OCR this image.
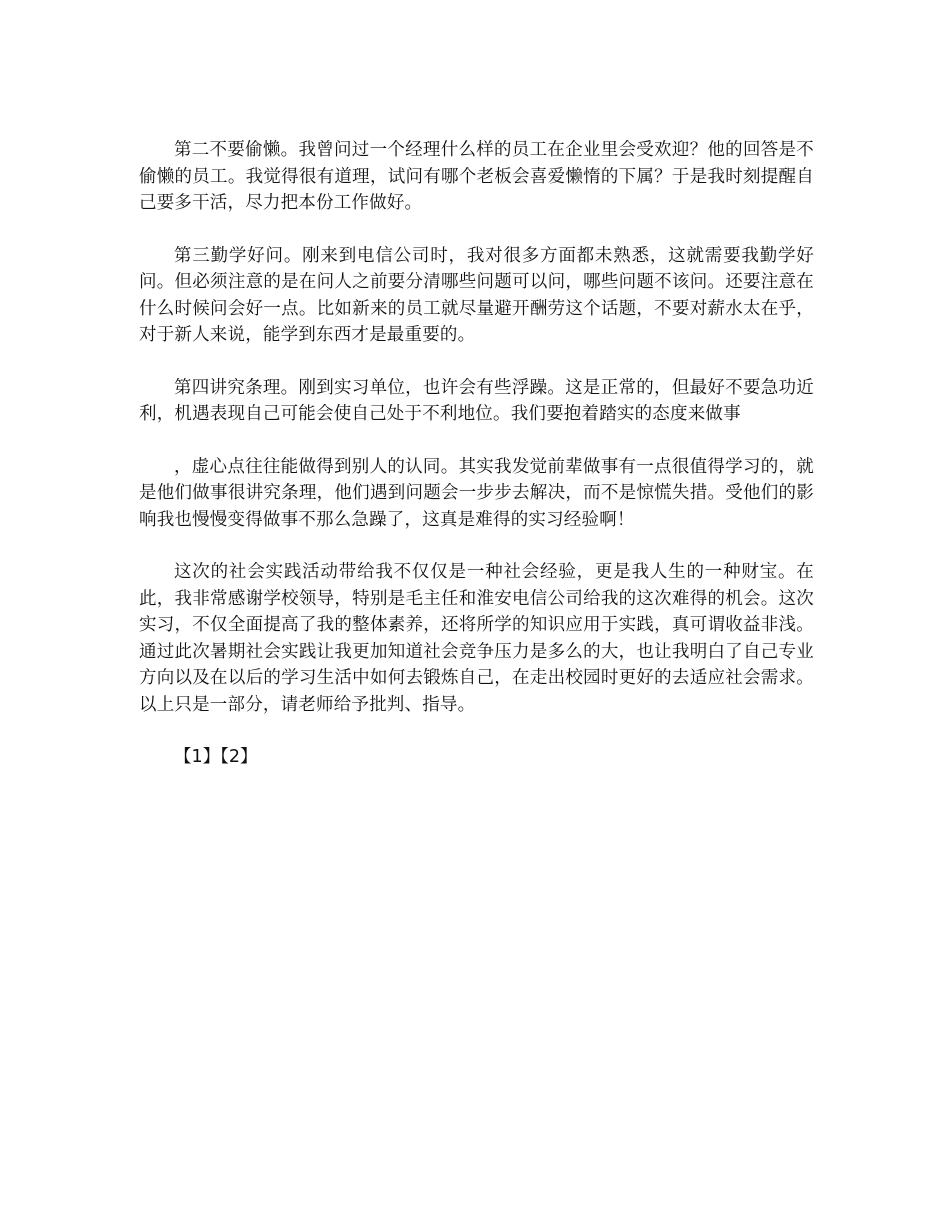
第二不要偷懒。我曾问过一个经理什么样的员工在企业里会受欢迎？他的回答是不偷懒的员工。我觉得很有道理，试问有哪个老板会喜爱懒惰的下属？于是我时刻提醒自己要多干活，尽力把本份工作做好。

第三勤学好问。刚来到电信公司时，我对很多方面都未熟悉，这就需要我勤学好问。但必须注意的是在问人之前要分清哪些问题可以问，哪些问题不该问。还要注意在什么时候问会好一点。比如新来的员工就尽量避开酬劳这个话题，不要对薪水太在乎，对于新人来说，能学到东西才是最重要的。

第四讲究条理。刚到实习单位，也许会有些浮躁。这是正常的，但最好不要急功近利，机遇表现自己可能会使自己处于不利地位。我们要抱着踏实的态度来做事

，虚心点往往能做得到别人的认同。其实我发觉前辈做事有一点很值得学习的，就是他们做事很讲究条理，他们遇到问题会一步步去解决，而不是惊慌失措。受他们的影响我也慢慢变得做事不那么急躁了，这真是难得的实习经验啊！

这次的社会实践活动带给我不仅仅是一种社会经验，更是我人生的一种财宝。在此，我非常感谢学校领导，特别是毛主任和淮安电信公司给我的这次难得的机会。这次实习，不仅全面提高了我的整体素养，还将所学的知识应用于实践，真可谓收益非浅。通过此次暑期社会实践让我更加知道社会竞争压力是多么的大，也让我明白了自己专业方向以及在以后的学习生活中如何去锻炼自己，在走出校园时更好的去适应社会需求。以上只是一部分，请老师给予批判、指导。

【1】【2】
